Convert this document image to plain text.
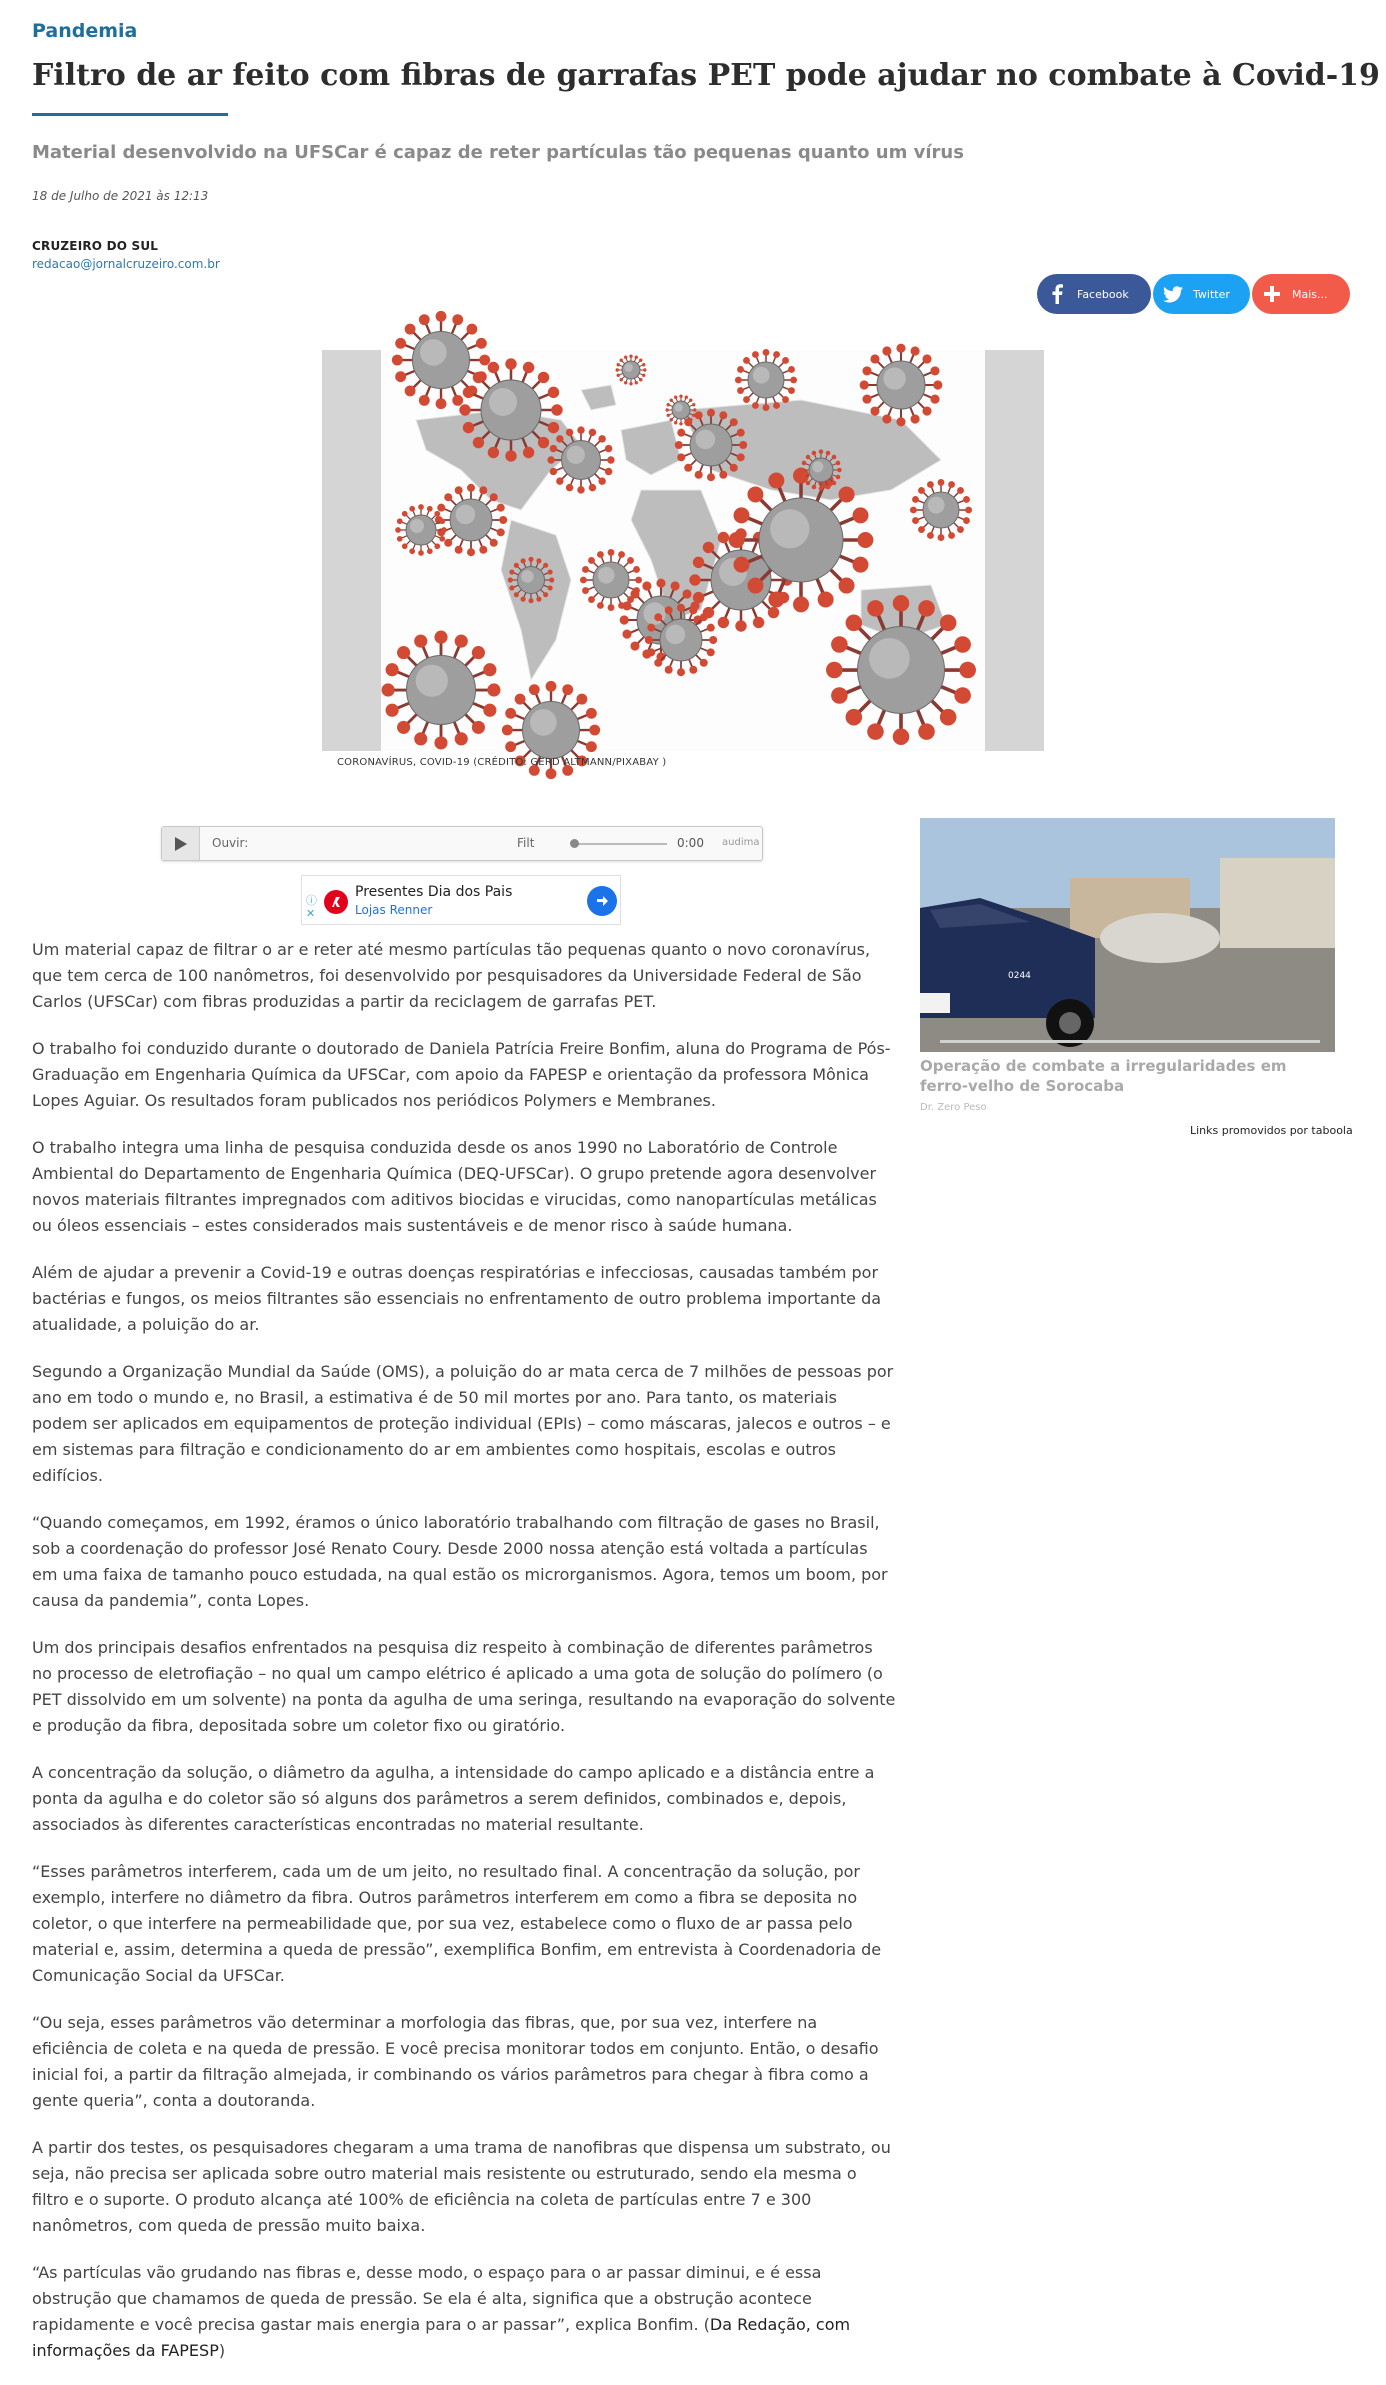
Pandemia
Filtro de ar feito com fibras de garrafas PET pode ajudar no combate à Covid-19
Material desenvolvido na UFSCar é capaz de reter partículas tão pequenas quanto um vírus
18 de Julho de 2021 às 12:13
CRUZEIRO DO SUL
redacao@jornalcruzeiro.com.br
Facebook	Twitter	Mais...
CORONAVÍRUS, COVID-19 (CRÉDITO: GERD ALTMANN/PIXABAY )
Ouvir:	Filt	0:00 audima
ⓘ
✕
Presentes Dia dos Pais
Lojas Renner

Um material capaz de filtrar o ar e reter até mesmo partículas tão pequenas quanto o novo coronavírus, que tem cerca de 100 nanômetros, foi desenvolvido por pesquisadores da Universidade Federal de São Carlos (UFSCar) com fibras produzidas a partir da reciclagem de garrafas PET.

O trabalho foi conduzido durante o doutorado de Daniela Patrícia Freire Bonfim, aluna do Programa de Pós-Graduação em Engenharia Química da UFSCar, com apoio da FAPESP e orientação da professora Mônica Lopes Aguiar. Os resultados foram publicados nos periódicos Polymers e Membranes.

O trabalho integra uma linha de pesquisa conduzida desde os anos 1990 no Laboratório de Controle Ambiental do Departamento de Engenharia Química (DEQ-UFSCar). O grupo pretende agora desenvolver novos materiais filtrantes impregnados com aditivos biocidas e virucidas, como nanopartículas metálicas ou óleos essenciais – estes considerados mais sustentáveis e de menor risco à saúde humana.

Além de ajudar a prevenir a Covid-19 e outras doenças respiratórias e infecciosas, causadas também por bactérias e fungos, os meios filtrantes são essenciais no enfrentamento de outro problema importante da atualidade, a poluição do ar.

Segundo a Organização Mundial da Saúde (OMS), a poluição do ar mata cerca de 7 milhões de pessoas por ano em todo o mundo e, no Brasil, a estimativa é de 50 mil mortes por ano. Para tanto, os materiais podem ser aplicados em equipamentos de proteção individual (EPIs) – como máscaras, jalecos e outros – e em sistemas para filtração e condicionamento do ar em ambientes como hospitais, escolas e outros edifícios.

“Quando começamos, em 1992, éramos o único laboratório trabalhando com filtração de gases no Brasil, sob a coordenação do professor José Renato Coury. Desde 2000 nossa atenção está voltada a partículas em uma faixa de tamanho pouco estudada, na qual estão os microrganismos. Agora, temos um boom, por causa da pandemia”, conta Lopes.

Um dos principais desafios enfrentados na pesquisa diz respeito à combinação de diferentes parâmetros no processo de eletrofiação – no qual um campo elétrico é aplicado a uma gota de solução do polímero (o PET dissolvido em um solvente) na ponta da agulha de uma seringa, resultando na evaporação do solvente e produção da fibra, depositada sobre um coletor fixo ou giratório.

A concentração da solução, o diâmetro da agulha, a intensidade do campo aplicado e a distância entre a ponta da agulha e do coletor são só alguns dos parâmetros a serem definidos, combinados e, depois, associados às diferentes características encontradas no material resultante.

“Esses parâmetros interferem, cada um de um jeito, no resultado final. A concentração da solução, por exemplo, interfere no diâmetro da fibra. Outros parâmetros interferem em como a fibra se deposita no coletor, o que interfere na permeabilidade que, por sua vez, estabelece como o fluxo de ar passa pelo material e, assim, determina a queda de pressão”, exemplifica Bonfim, em entrevista à Coordenadoria de Comunicação Social da UFSCar.

“Ou seja, esses parâmetros vão determinar a morfologia das fibras, que, por sua vez, interfere na eficiência de coleta e na queda de pressão. E você precisa monitorar todos em conjunto. Então, o desafio inicial foi, a partir da filtração almejada, ir combinando os vários parâmetros para chegar à fibra como a gente queria”, conta a doutoranda.

A partir dos testes, os pesquisadores chegaram a uma trama de nanofibras que dispensa um substrato, ou seja, não precisa ser aplicada sobre outro material mais resistente ou estruturado, sendo ela mesma o filtro e o suporte. O produto alcança até 100% de eficiência na coleta de partículas entre 7 e 300 nanômetros, com queda de pressão muito baixa.

“As partículas vão grudando nas fibras e, desse modo, o espaço para o ar passar diminui, e é essa obstrução que chamamos de queda de pressão. Se ela é alta, significa que a obstrução acontece rapidamente e você precisa gastar mais energia para o ar passar”, explica Bonfim. (Da Redação, com informações da FAPESP)

0244
Operação de combate a irregularidades em ferro-velho de Sorocaba
Dr. Zero Peso
Links promovidos por taboola
